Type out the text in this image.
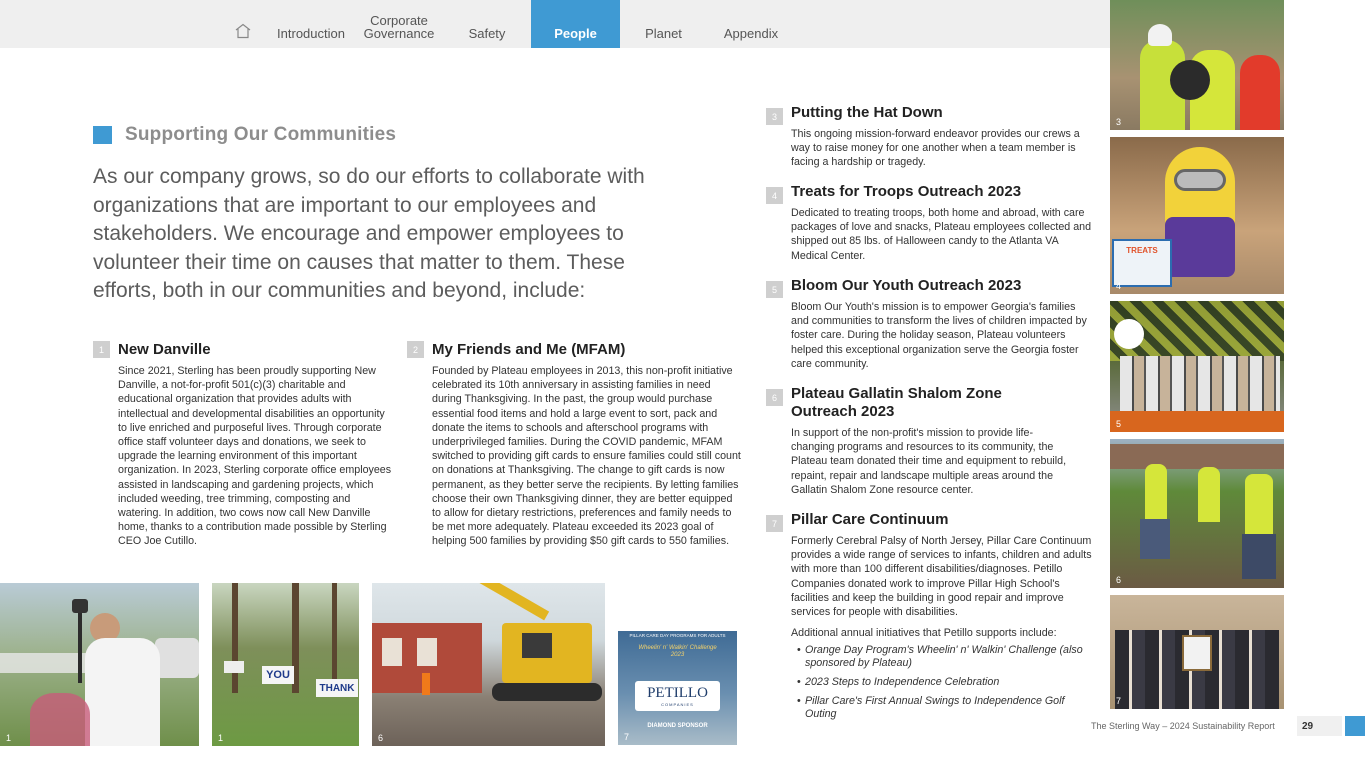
Introduction
Corporate
Governance	Safety	People	Planet	Appendix
Supporting Our Communities
As our company grows, so do our efforts to collaborate with organizations that are important to our employees and stakeholders. We encourage and empower employees to volunteer their time on causes that matter to them. These efforts, both in our communities and beyond, include:
1 New Danville
Since 2021, Sterling has been proudly supporting New Danville, a not-for-profit 501(c)(3) charitable and educational organization that provides adults with intellectual and developmental disabilities an opportunity to live enriched and purposeful lives. Through corporate office staff volunteer days and donations, we seek to upgrade the learning environment of this important organization. In 2023, Sterling corporate office employees assisted in landscaping and gardening projects, which included weeding, tree trimming, composting and watering. In addition, two cows now call New Danville home, thanks to a contribution made possible by Sterling CEO Joe Cutillo.
2 My Friends and Me (MFAM)
Founded by Plateau employees in 2013, this non-profit initiative celebrated its 10th anniversary in assisting families in need during Thanksgiving. In the past, the group would purchase essential food items and hold a large event to sort, pack and donate the items to schools and afterschool programs with underprivileged families. During the COVID pandemic, MFAM switched to providing gift cards to ensure families could still count on donations at Thanksgiving. The change to gift cards is now permanent, as they better serve the recipients. By letting families choose their own Thanksgiving dinner, they are better equipped to allow for dietary restrictions, preferences and family needs to be met more adequately. Plateau exceeded its 2023 goal of helping 500 families by providing $50 gift cards to 550 families.
3 Putting the Hat Down
This ongoing mission-forward endeavor provides our crews a way to raise money for one another when a team member is facing a hardship or tragedy.
4 Treats for Troops Outreach 2023
Dedicated to treating troops, both home and abroad, with care packages of love and snacks, Plateau employees collected and shipped out 85 lbs. of Halloween candy to the Atlanta VA Medical Center.
5 Bloom Our Youth Outreach 2023
Bloom Our Youth's mission is to empower Georgia's families and communities to transform the lives of children impacted by foster care. During the holiday season, Plateau volunteers helped this exceptional organization serve the Georgia foster care community.
6 Plateau Gallatin Shalom Zone Outreach 2023
In support of the non-profit's mission to provide life-changing programs and resources to its community, the Plateau team donated their time and equipment to rebuild, repaint, repair and landscape multiple areas around the Gallatin Shalom Zone resource center.
7 Pillar Care Continuum
Formerly Cerebral Palsy of North Jersey, Pillar Care Continuum provides a wide range of services to infants, children and adults with more than 100 different disabilities/diagnoses. Petillo Companies donated work to improve Pillar High School's facilities and keep the building in good repair and improve services for people with disabilities.
Additional annual initiatives that Petillo supports include:
• Orange Day Program's Wheelin' n' Walkin' Challenge (also sponsored by Plateau)
• 2023 Steps to Independence Celebration
• Pillar Care's First Annual Swings to Independence Golf Outing
1
YOU
THANK
1	6
PILLAR CARE DAY PROGRAMS FOR ADULTS
Wheelin' n' Walkin' Challenge 2023
PETILLO
COMPANIES
DIAMOND SPONSOR
7
3
TREATS
4
5
6
7
The Sterling Way – 2024 Sustainability Report	29
